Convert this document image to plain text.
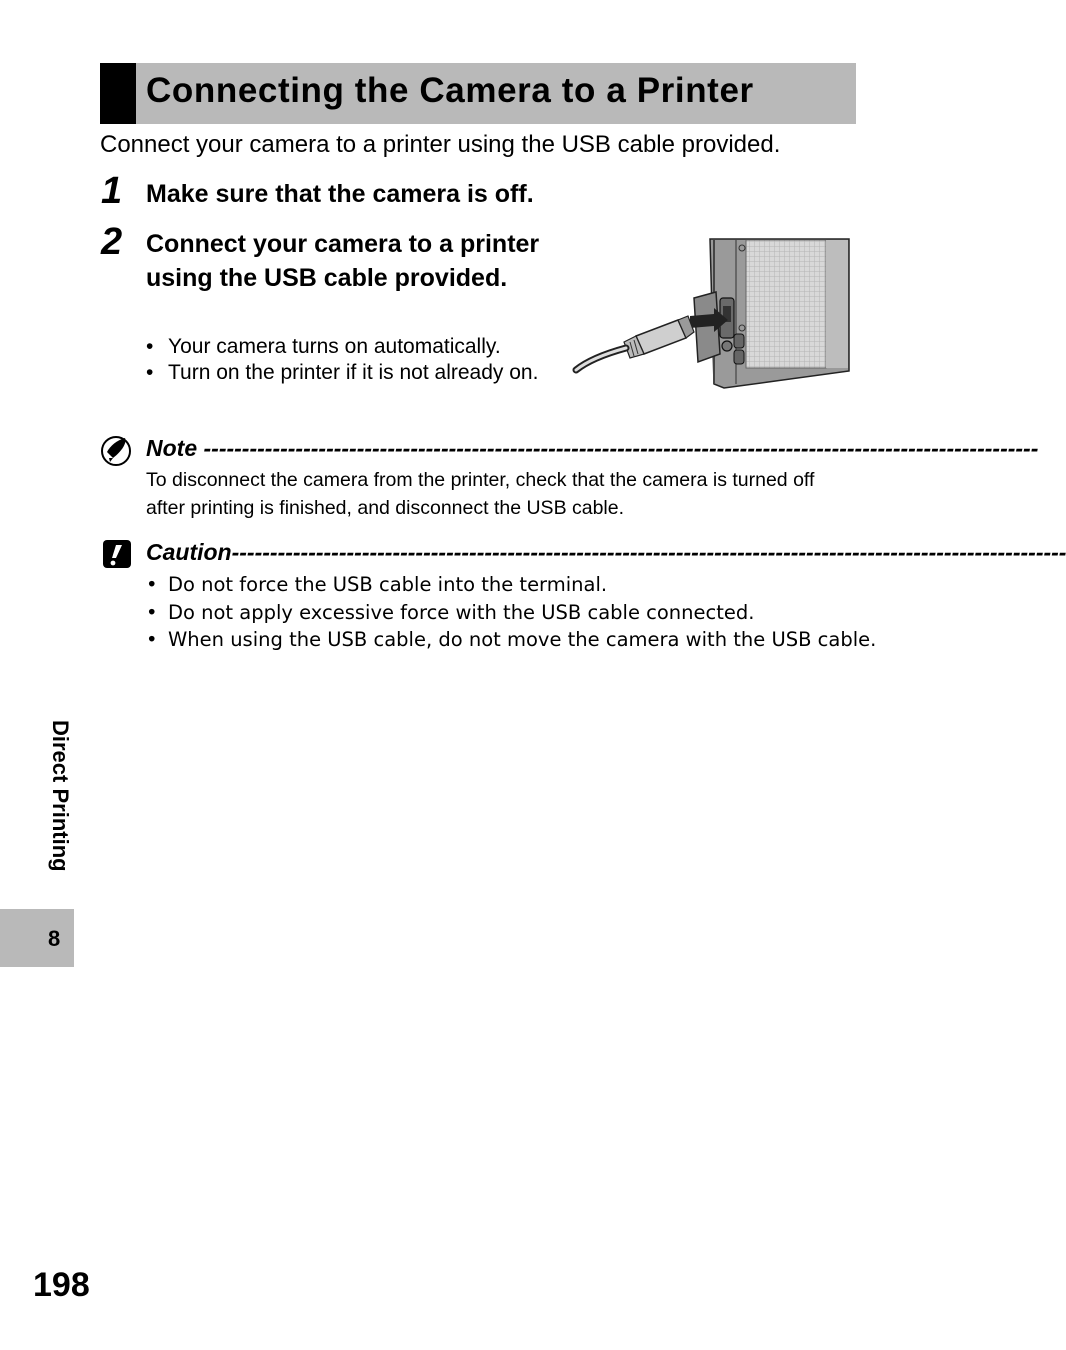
Connecting the Camera to a Printer
Connect your camera to a printer using the USB cable provided.
1 Make sure that the camera is off.
2 Connect your camera to a printer using the USB cable provided.
• Your camera turns on automatically.
• Turn on the printer if it is not already on.
Note -------------------------------------------------------------------------------------------------------------
To disconnect the camera from the printer, check that the camera is turned off after printing is finished, and disconnect the USB cable.
Caution-------------------------------------------------------------------------------------------------------------
• Do not force the USB cable into the terminal.
• Do not apply excessive force with the USB cable connected.
• When using the USB cable, do not move the camera with the USB cable.
Direct Printing
8
198
